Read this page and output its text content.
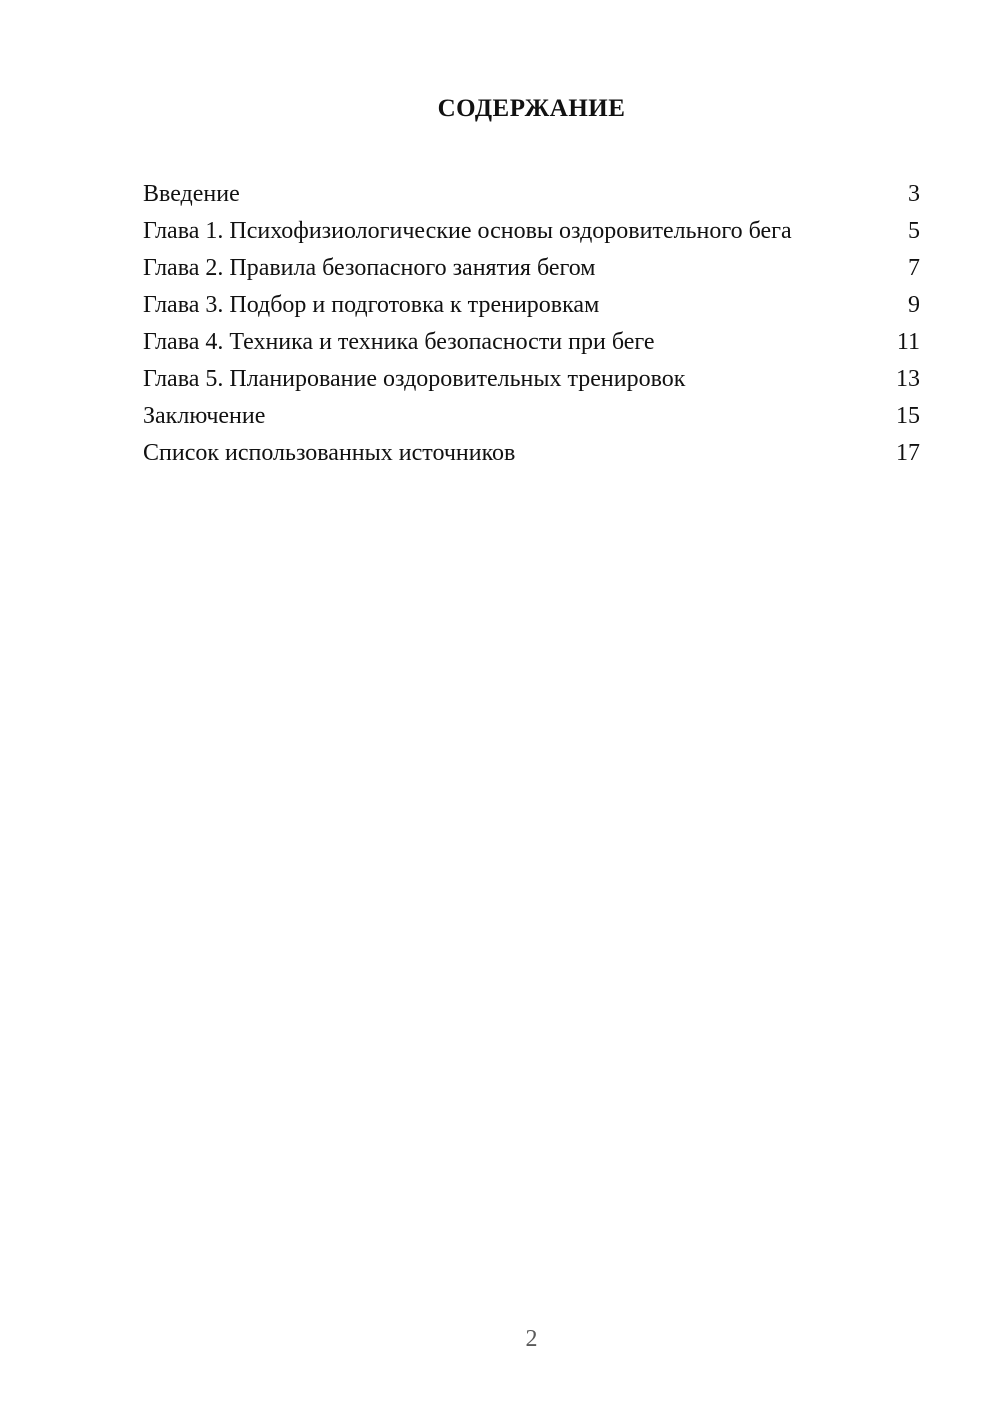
СОДЕРЖАНИЕ
Введение	3
Глава 1. Психофизиологические основы оздоровительного бега	5
Глава 2. Правила безопасного занятия бегом	7
Глава 3. Подбор и подготовка к тренировкам	9
Глава 4. Техника и техника безопасности при беге	11
Глава 5. Планирование оздоровительных тренировок	13
Заключение	15
Список использованных источников	17
2
